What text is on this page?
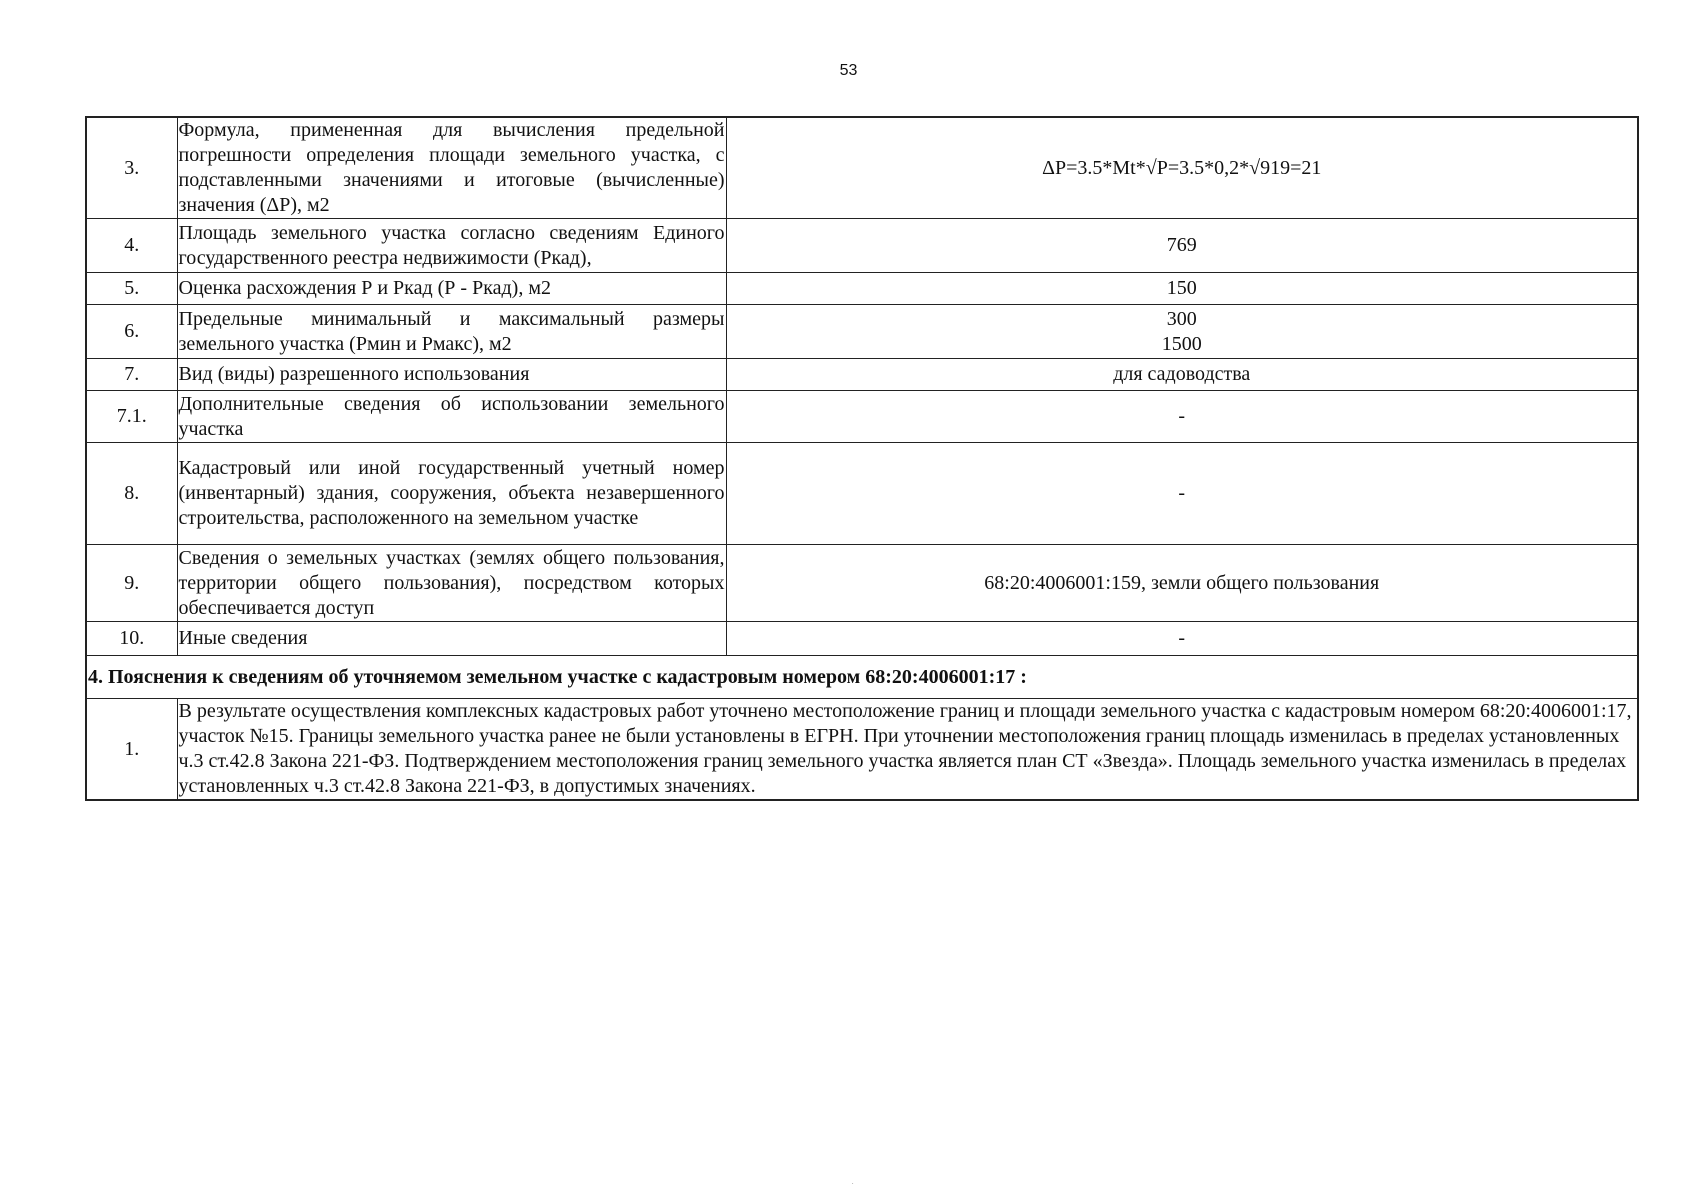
53
3.	Формула, примененная для вычисления предельной погрешности определения площади земельного участка, с подставленными значениями и итоговые (вычисленные) значения (ΔP), м2	ΔP=3.5*Mt*√P=3.5*0,2*√919=21
4.	Площадь земельного участка согласно сведениям Единого государственного реестра недвижимости (Ркад),	769
5.	Оценка расхождения Р и Ркад (Р - Ркад), м2	150
6.	Предельные минимальный и максимальный размеры земельного участка (Рмин и Рмакс), м2	300
1500

7.	Вид (виды) разрешенного использования	для садоводства
7.1.	Дополнительные сведения об использовании земельного участка	-
8.	Кадастровый или иной государственный учетный номер (инвентарный) здания, сооружения, объекта незавершенного строительства, расположенного на земельном участке	-
9.	Сведения о земельных участках (землях общего пользования, территории общего пользования), посредством которых обеспечивается доступ	68:20:4006001:159, земли общего пользования
10.	Иные сведения	-
4. Пояснения к сведениям об уточняемом земельном участке с кадастровым номером 68:20:4006001:17 :		
1.	В результате осуществления комплексных кадастровых работ уточнено местоположение границ и площади земельного участка с кадастровым номером 68:20:4006001:17, участок №15. Границы земельного участка ранее не были установлены в ЕГРН. При уточнении местоположения границ площадь изменилась в пределах установленных ч.3 ст.42.8 Закона 221-ФЗ. Подтверждением местоположения границ земельного участка является план СТ «Звезда». Площадь земельного участка изменилась в пределах установленных ч.3 ст.42.8 Закона 221-ФЗ, в допустимых значениях.	
.
